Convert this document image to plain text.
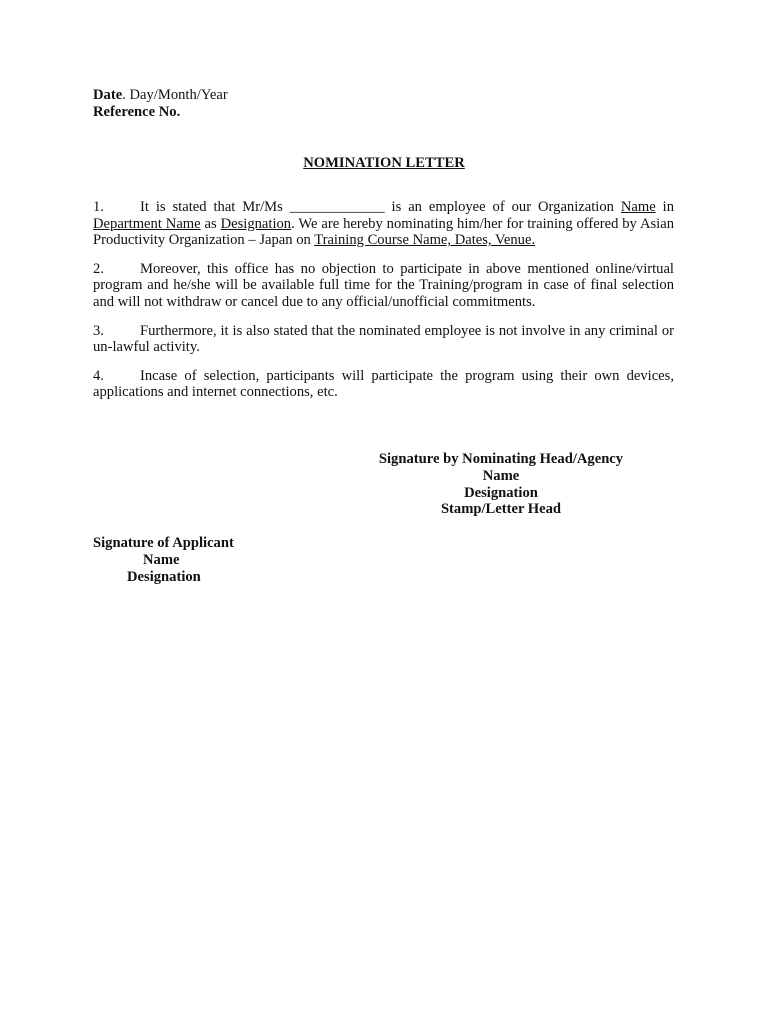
Date. Day/Month/Year
Reference No.
NOMINATION LETTER

1. It is stated that Mr/Ms _____________ is an employee of our Organization Name in Department Name as Designation. We are hereby nominating him/her for training offered by Asian Productivity Organization – Japan on Training Course Name, Dates, Venue.

2. Moreover, this office has no objection to participate in above mentioned online/virtual program and he/she will be available full time for the Training/program in case of final selection and will not withdraw or cancel due to any official/unofficial commitments.

3. Furthermore, it is also stated that the nominated employee is not involve in any criminal or un-lawful activity.

4. Incase of selection, participants will participate the program using their own devices, applications and internet connections, etc.

Signature by Nominating Head/Agency
Name
Designation
Stamp/Letter Head
Signature of Applicant
Name
Designation
